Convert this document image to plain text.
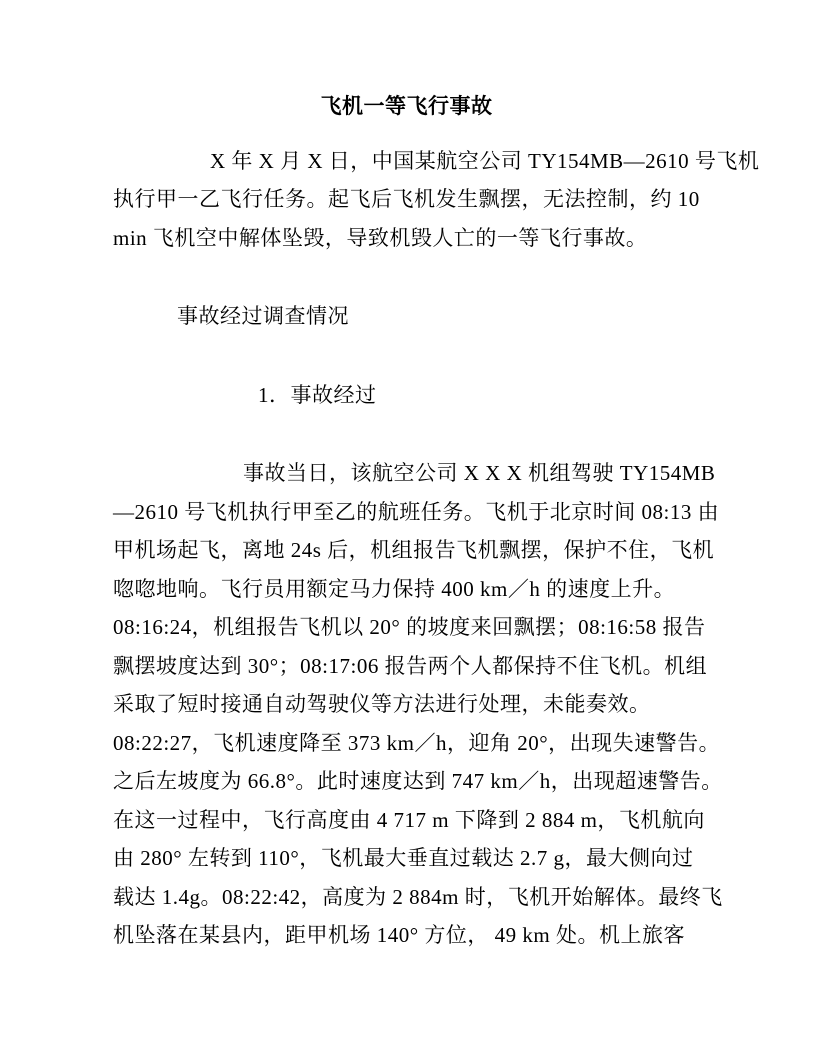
飞机一等飞行事故
X 年 X 月 X 日，中国某航空公司 TY154MB—2610 号飞机
执行甲一乙飞行任务。起飞后飞机发生飘摆，无法控制，约 10
min 飞机空中解体坠毁，导致机毁人亡的一等飞行事故。
事故经过调查情况
1．事故经过
事故当日，该航空公司 X X X 机组驾驶 TY154MB
—2610 号飞机执行甲至乙的航班任务。飞机于北京时间 08:13 由
甲机场起飞，离地 24s 后，机组报告飞机飘摆，保护不住，飞机
唿唿地响。飞行员用额定马力保持 400 km／h 的速度上升。
08:16:24，机组报告飞机以 20° 的坡度来回飘摆；08:16:58 报告
飘摆坡度达到 30°；08:17:06 报告两个人都保持不住飞机。机组
采取了短时接通自动驾驶仪等方法进行处理，未能奏效。
08:22:27，飞机速度降至 373 km／h，迎角 20°，出现失速警告。
之后左坡度为 66.8°。此时速度达到 747 km／h，出现超速警告。
在这一过程中，飞行高度由 4 717 m 下降到 2 884 m，飞机航向
由 280° 左转到 110°，飞机最大垂直过载达 2.7 g，最大侧向过
载达 1.4g。08:22:42，高度为 2 884m 时，飞机开始解体。最终飞
机坠落在某县内，距甲机场 140° 方位， 49 km 处。机上旅客
